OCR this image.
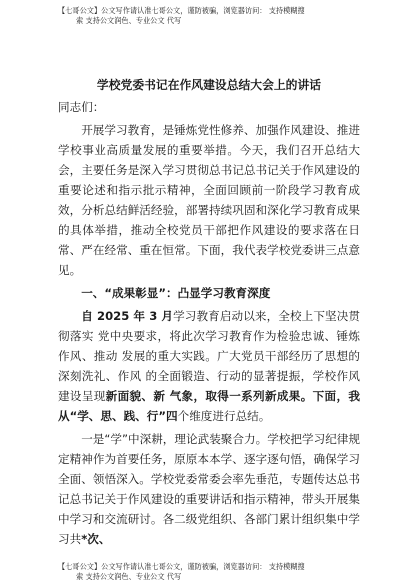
【七哥公文】公文写作请认准七哥公文，谨防被骗，浏览器访问： 支持模糊搜
索 支持公文润色、专业公文 代写
学校党委书记在作风建设总结大会上的讲话
同志们：

开展学习教育，是锤炼党性修养、加强作风建设、推进学校事业高质量发展的重要举措。今天，我们召开总结大会，主要任务是深入学习贯彻总书记总书记关于作风建设的重要论述和指示批示精神，全面回顾前一阶段学习教育成效，分析总结鲜活经验，部署持续巩固和深化学习教育成果的具体举措，推动全校党员干部把作风建设的要求落在日常、严在经常、重在恒常。下面，我代表学校党委讲三点意见。

一、“成果彰显”：凸显学习教育深度

自 2025 年 3 月学习教育启动以来，全校上下坚决贯彻落实 党中央要求，将此次学习教育作为检验忠诚、锤炼作风、推动 发展的重大实践。广大党员干部经历了思想的深刻洗礼、作风 的全面锻造、行动的显著提振，学校作风建设呈现新面貌、新 气象，取得一系列新成果。下面，我从“学、思、践、行”四个维度进行总结。

一是“学”中深耕，理论武装聚合力。学校把学习纪律规定精神作为首要任务，原原本本学、逐字逐句悟，确保学习全面、领悟深入。学校党委常委会率先垂范，专题传达总书记总书记关于作风建设的重要讲话和指示精神，带头开展集中学习和交流研讨。各二级党组织、各部门累计组织集中学习共*次、

【七哥公文】公文写作请认准七哥公文，谨防被骗，浏览器访问： 支持模糊搜
索 支持公文润色、专业公文 代写
